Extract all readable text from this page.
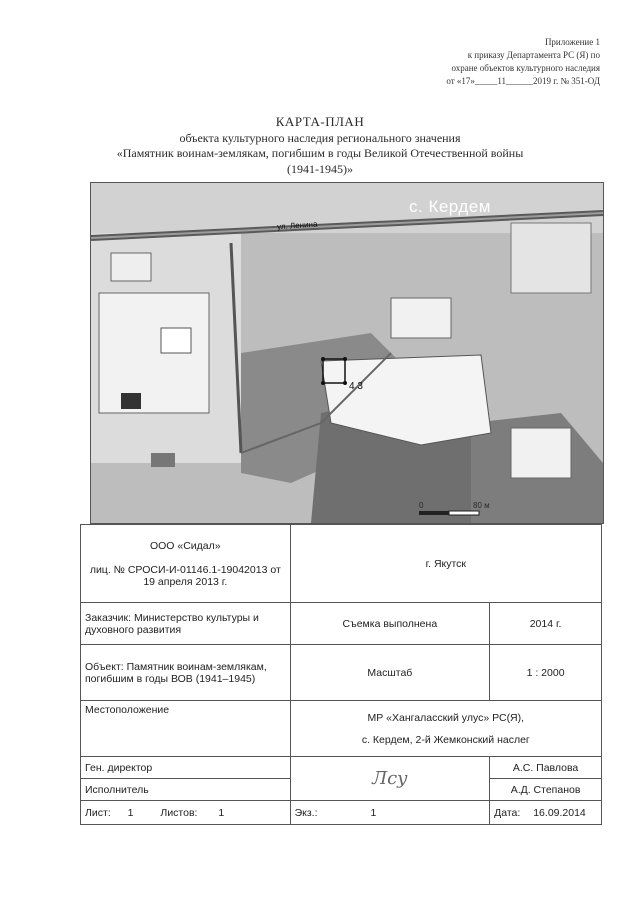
Приложение 1
к приказу Департамента РС (Я) по
охране объектов культурного наследия
от «17»_____11______2019 г. № 351-ОД
КАРТА-ПЛАН
объекта культурного наследия регионального значения
«Памятник воинам-землякам, погибшим в годы Великой Отечественной войны
(1941-1945)»
с. Кердем
ул. Ленина
4 3
0	80 м
ООО «Сидал»
лиц. № СРОСИ-И-01146.1-19042013 от 19 апреля 2013 г.	г. Якутск	
Заказчик: Министерство культуры и духовного развития	Съемка выполнена	2014 г.
Объект: Памятник воинам-землякам, погибшим в годы ВОВ (1941–1945)	Масштаб	1 : 2000
Местоположение	МР «Хангаласский улус» РС(Я),
с. Кердем, 2-й Жемконский наслег	

Ген. директор	Лсу	А.С. Павлова
Исполнитель		А.Д. Степанов
Лист: 1 Листов: 1	Экз.: 1	Дата: 16.09.2014
